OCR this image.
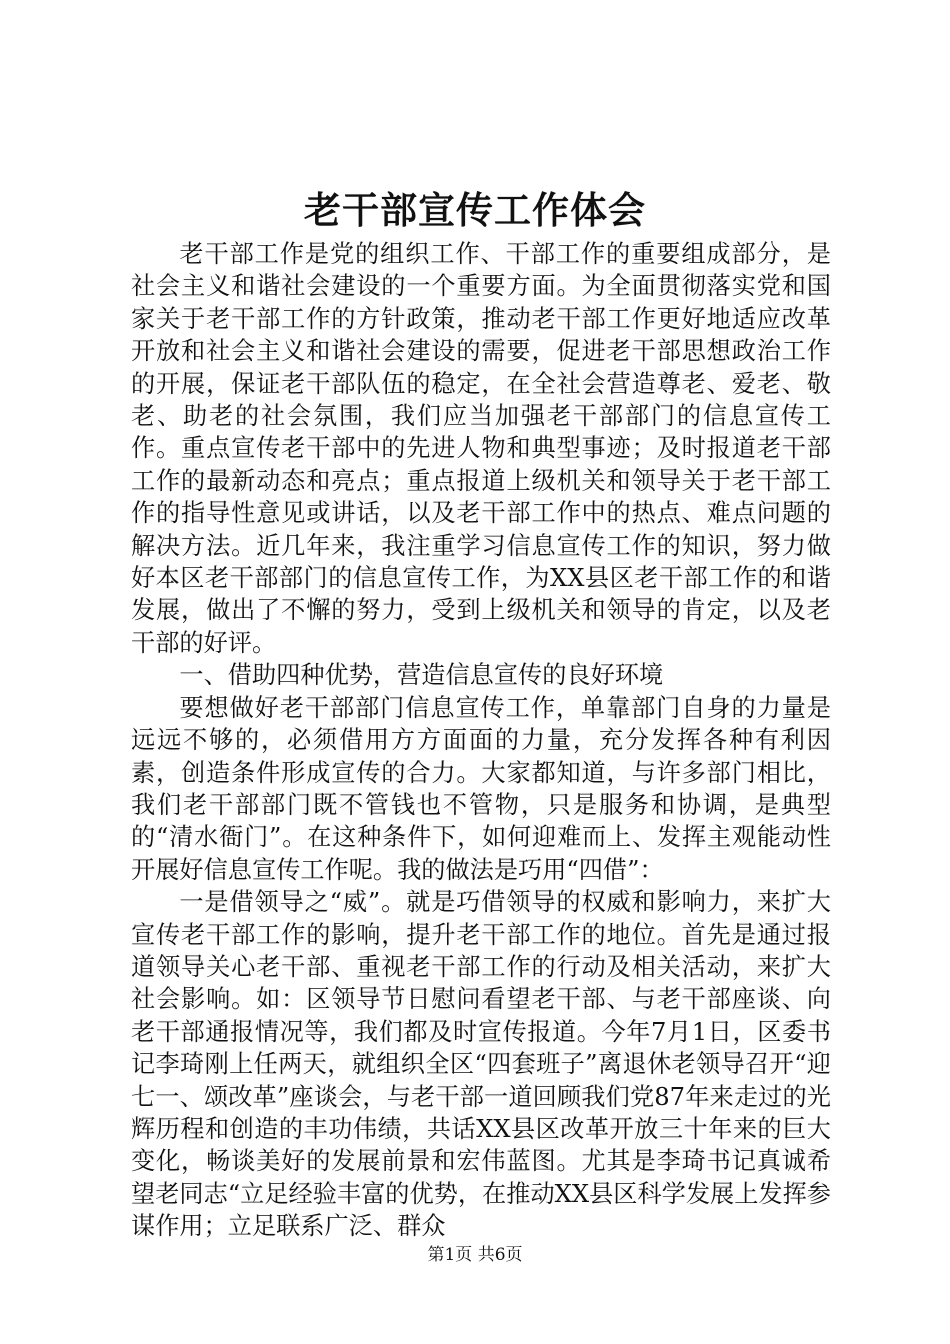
老干部宣传工作体会

老干部工作是党的组织工作、干部工作的重要组成部分，是社会主义和谐社会建设的一个重要方面。为全面贯彻落实党和国家关于老干部工作的方针政策，推动老干部工作更好地适应改革开放和社会主义和谐社会建设的需要，促进老干部思想政治工作的开展，保证老干部队伍的稳定，在全社会营造尊老、爱老、敬老、助老的社会氛围，我们应当加强老干部部门的信息宣传工作。重点宣传老干部中的先进人物和典型事迹；及时报道老干部工作的最新动态和亮点；重点报道上级机关和领导关于老干部工作的指导性意见或讲话，以及老干部工作中的热点、难点问题的解决方法。近几年来，我注重学习信息宣传工作的知识，努力做好本区老干部部门的信息宣传工作，为XX县区老干部工作的和谐发展，做出了不懈的努力，受到上级机关和领导的肯定，以及老干部的好评。

一、借助四种优势，营造信息宣传的良好环境

要想做好老干部部门信息宣传工作，单靠部门自身的力量是远远不够的，必须借用方方面面的力量，充分发挥各种有利因素，创造条件形成宣传的合力。大家都知道，与许多部门相比，我们老干部部门既不管钱也不管物，只是服务和协调，是典型的“清水衙门”。在这种条件下，如何迎难而上、发挥主观能动性开展好信息宣传工作呢。我的做法是巧用“四借”：

一是借领导之“威”。就是巧借领导的权威和影响力，来扩大宣传老干部工作的影响，提升老干部工作的地位。首先是通过报道领导关心老干部、重视老干部工作的行动及相关活动，来扩大社会影响。如：区领导节日慰问看望老干部、与老干部座谈、向老干部通报情况等，我们都及时宣传报道。今年7月1日，区委书记李琦刚上任两天，就组织全区“四套班子”离退休老领导召开“迎七一、颂改革”座谈会，与老干部一道回顾我们党87年来走过的光辉历程和创造的丰功伟绩，共话XX县区改革开放三十年来的巨大变化，畅谈美好的发展前景和宏伟蓝图。尤其是李琦书记真诚希望老同志“立足经验丰富的优势，在推动XX县区科学发展上发挥参谋作用；立足联系广泛、群众

第1页 共6页
